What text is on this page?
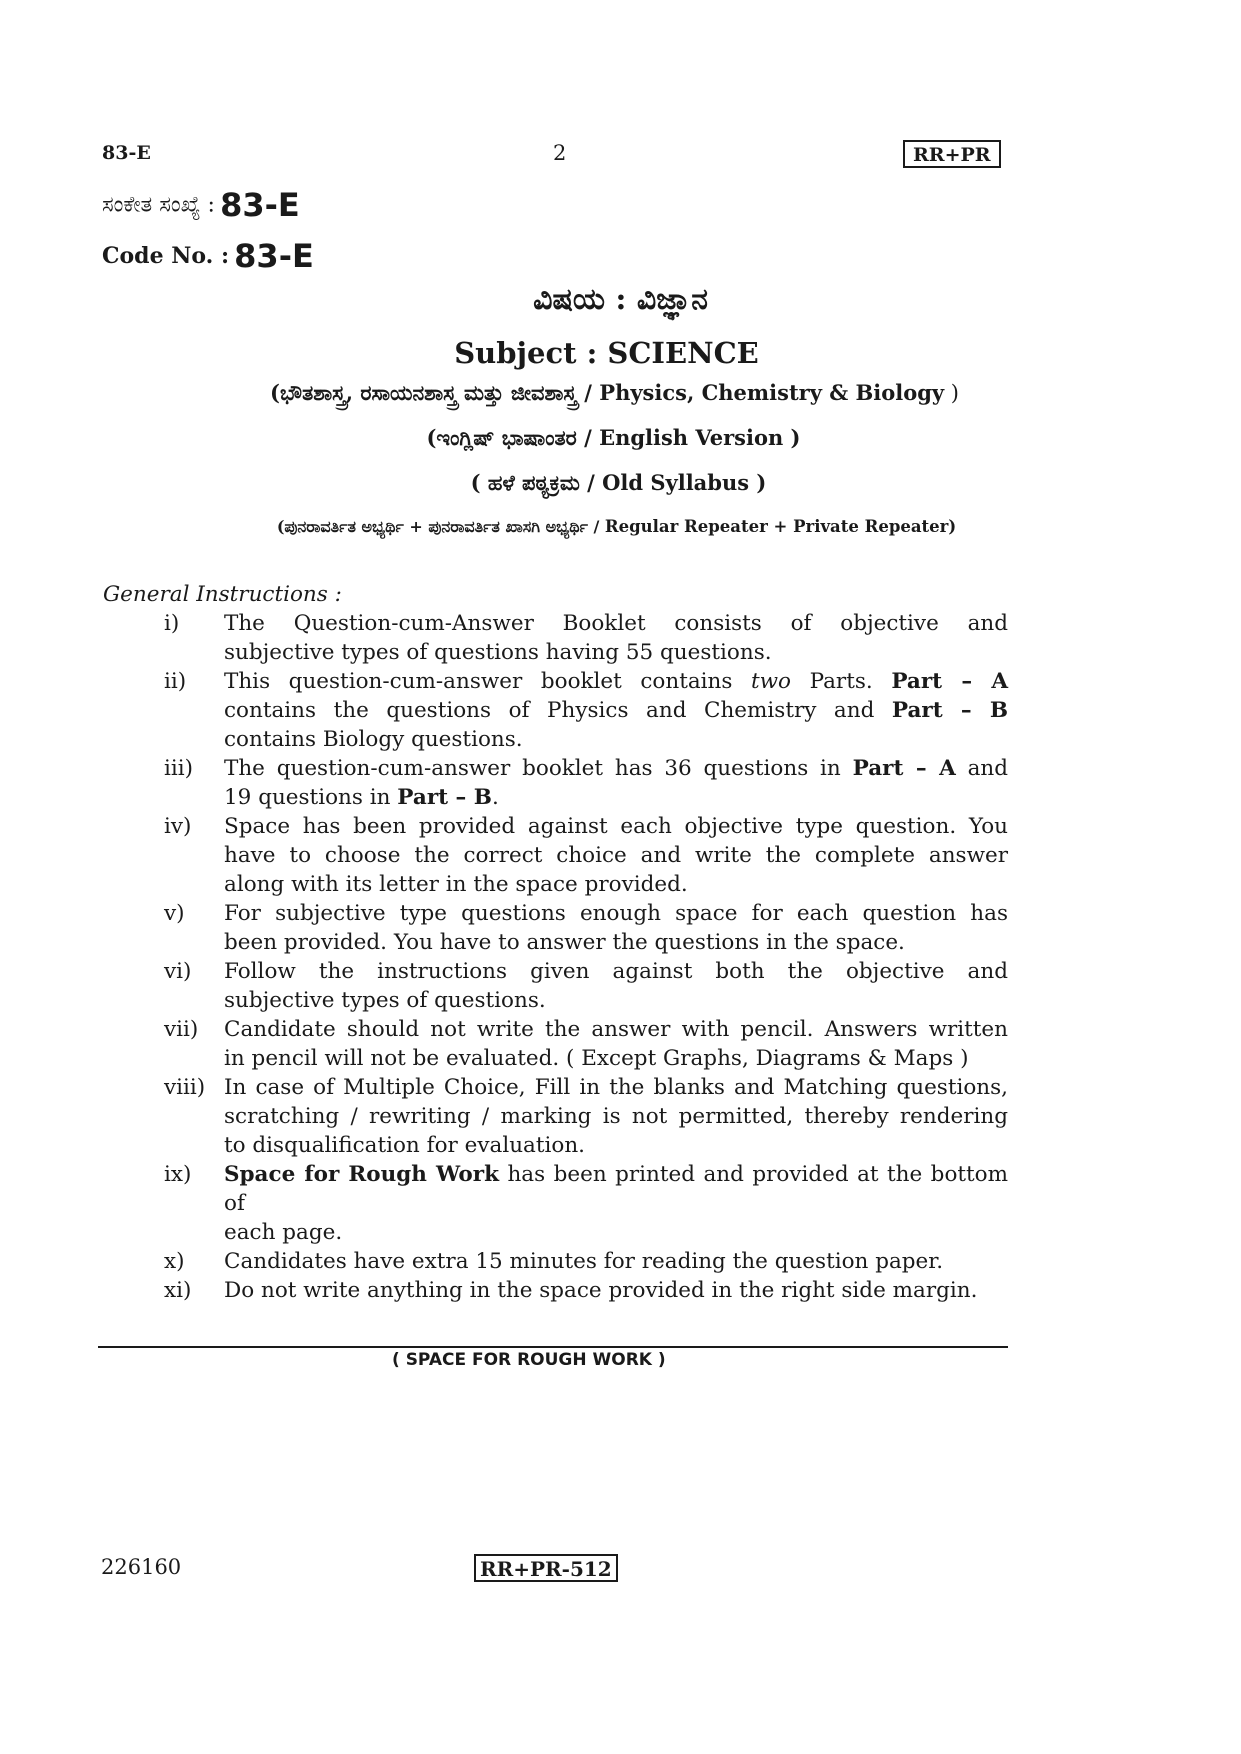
83-E	2	RR+PR
ಸಂಕೇತ ಸಂಖ್ಯೆ : 83-E
Code No. : 83-E
ವಿಷಯ : ವಿಜ್ಞಾನ
Subject : SCIENCE
(ಭೌತಶಾಸ್ತ್ರ, ರಸಾಯನಶಾಸ್ತ್ರ ಮತ್ತು ಜೀವಶಾಸ್ತ್ರ / Physics, Chemistry & Biology )
(ಇಂಗ್ಲಿಷ್ ಭಾಷಾಂತರ / English Version )
( ಹಳೆ ಪಠ್ಯಕ್ರಮ / Old Syllabus )
(ಪುನರಾವರ್ತಿತ ಅಭ್ಯರ್ಥಿ + ಪುನರಾವರ್ತಿತ ಖಾಸಗಿ ಅಭ್ಯರ್ಥಿ / Regular Repeater + Private Repeater)
General Instructions :
i)	The Question-cum-Answer Booklet consists of objective and
subjective types of questions having 55 questions.
ii)	This question-cum-answer booklet contains two Parts. Part – A
contains the questions of Physics and Chemistry and Part – B
contains Biology questions.
iii)	The question-cum-answer booklet has 36 questions in Part – A and
19 questions in Part – B.
iv)	Space has been provided against each objective type question. You
have to choose the correct choice and write the complete answer
along with its letter in the space provided.
v)	For subjective type questions enough space for each question has
been provided. You have to answer the questions in the space.
vi)	Follow the instructions given against both the objective and
subjective types of questions.
vii)	Candidate should not write the answer with pencil. Answers written
in pencil will not be evaluated. ( Except Graphs, Diagrams & Maps )
viii) In case of Multiple Choice, Fill in the blanks and Matching questions,
scratching / rewriting / marking is not permitted, thereby rendering
to disqualification for evaluation.
ix)	Space for Rough Work has been printed and provided at the bottom of
each page.
x)	Candidates have extra 15 minutes for reading the question paper.
xi)	Do not write anything in the space provided in the right side margin.
( SPACE FOR ROUGH WORK )
226160	RR+PR-512
